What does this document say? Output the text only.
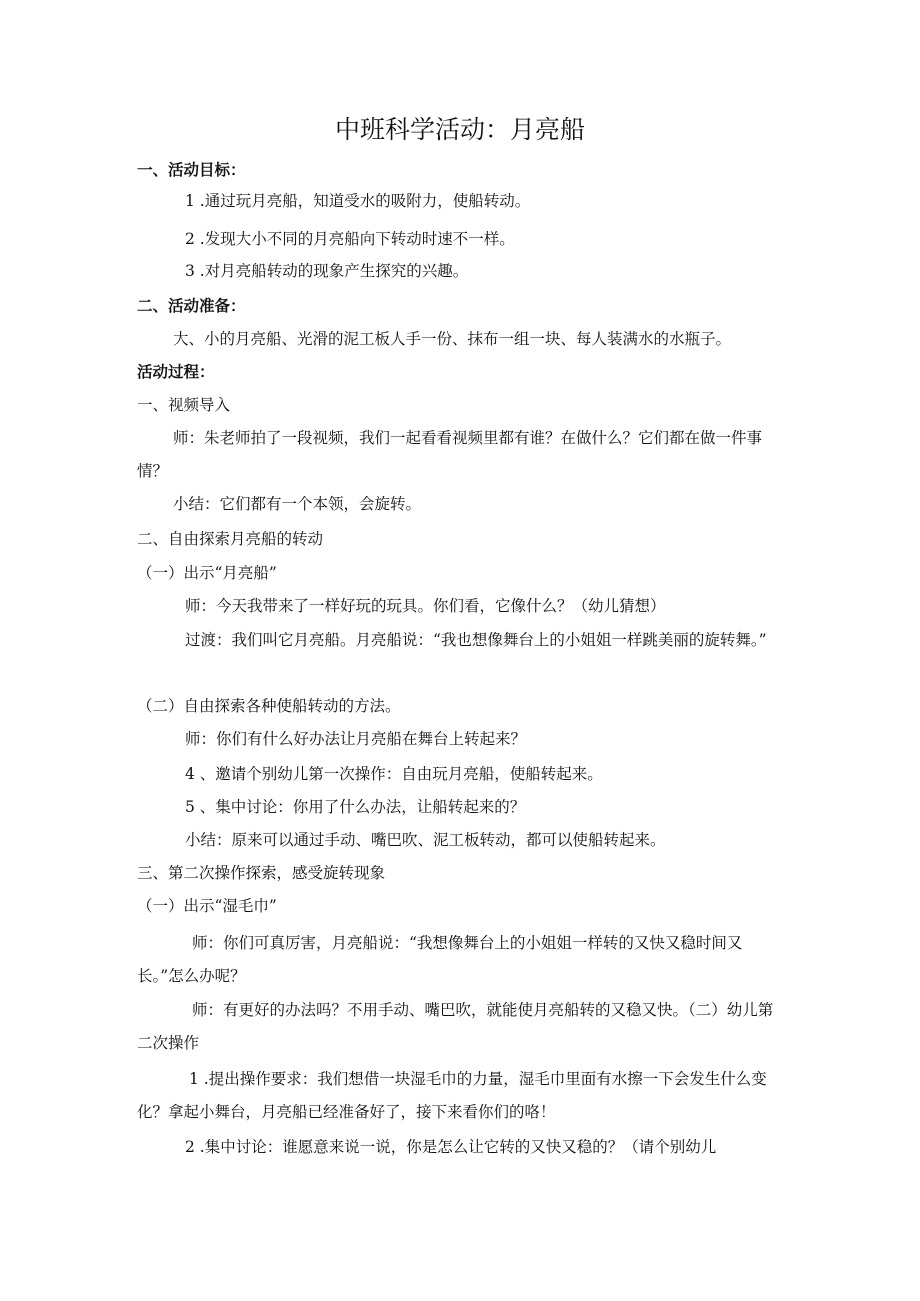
中班科学活动：月亮船

一、活动目标：

1 .通过玩月亮船，知道受水的吸附力，使船转动。

2 .发现大小不同的月亮船向下转动时速不一样。

3 .对月亮船转动的现象产生探究的兴趣。

二、活动准备：

大、小的月亮船、光滑的泥工板人手一份、抹布一组一块、每人装满水的水瓶子。

活动过程：

一、视频导入

师：朱老师拍了一段视频，我们一起看看视频里都有谁？在做什么？它们都在做一件事情？

小结：它们都有一个本领，会旋转。

二、自由探索月亮船的转动

（一）出示“月亮船”

师：今天我带来了一样好玩的玩具。你们看，它像什么？（幼儿猜想）

过渡：我们叫它月亮船。月亮船说：“我也想像舞台上的小姐姐一样跳美丽的旋转舞。”

（二）自由探索各种使船转动的方法。

师：你们有什么好办法让月亮船在舞台上转起来？

4 、邀请个别幼儿第一次操作：自由玩月亮船，使船转起来。

5 、集中讨论：你用了什么办法，让船转起来的？

小结：原来可以通过手动、嘴巴吹、泥工板转动，都可以使船转起来。

三、第二次操作探索，感受旋转现象

（一）出示“湿毛巾”

师：你们可真厉害，月亮船说：“我想像舞台上的小姐姐一样转的又快又稳时间又长。”怎么办呢？

师：有更好的办法吗？不用手动、嘴巴吹，就能使月亮船转的又稳又快。（二）幼儿第二次操作

1 .提出操作要求：我们想借一块湿毛巾的力量，湿毛巾里面有水擦一下会发生什么变化？拿起小舞台，月亮船已经准备好了，接下来看你们的咯！

2 .集中讨论：谁愿意来说一说，你是怎么让它转的又快又稳的？（请个别幼儿
